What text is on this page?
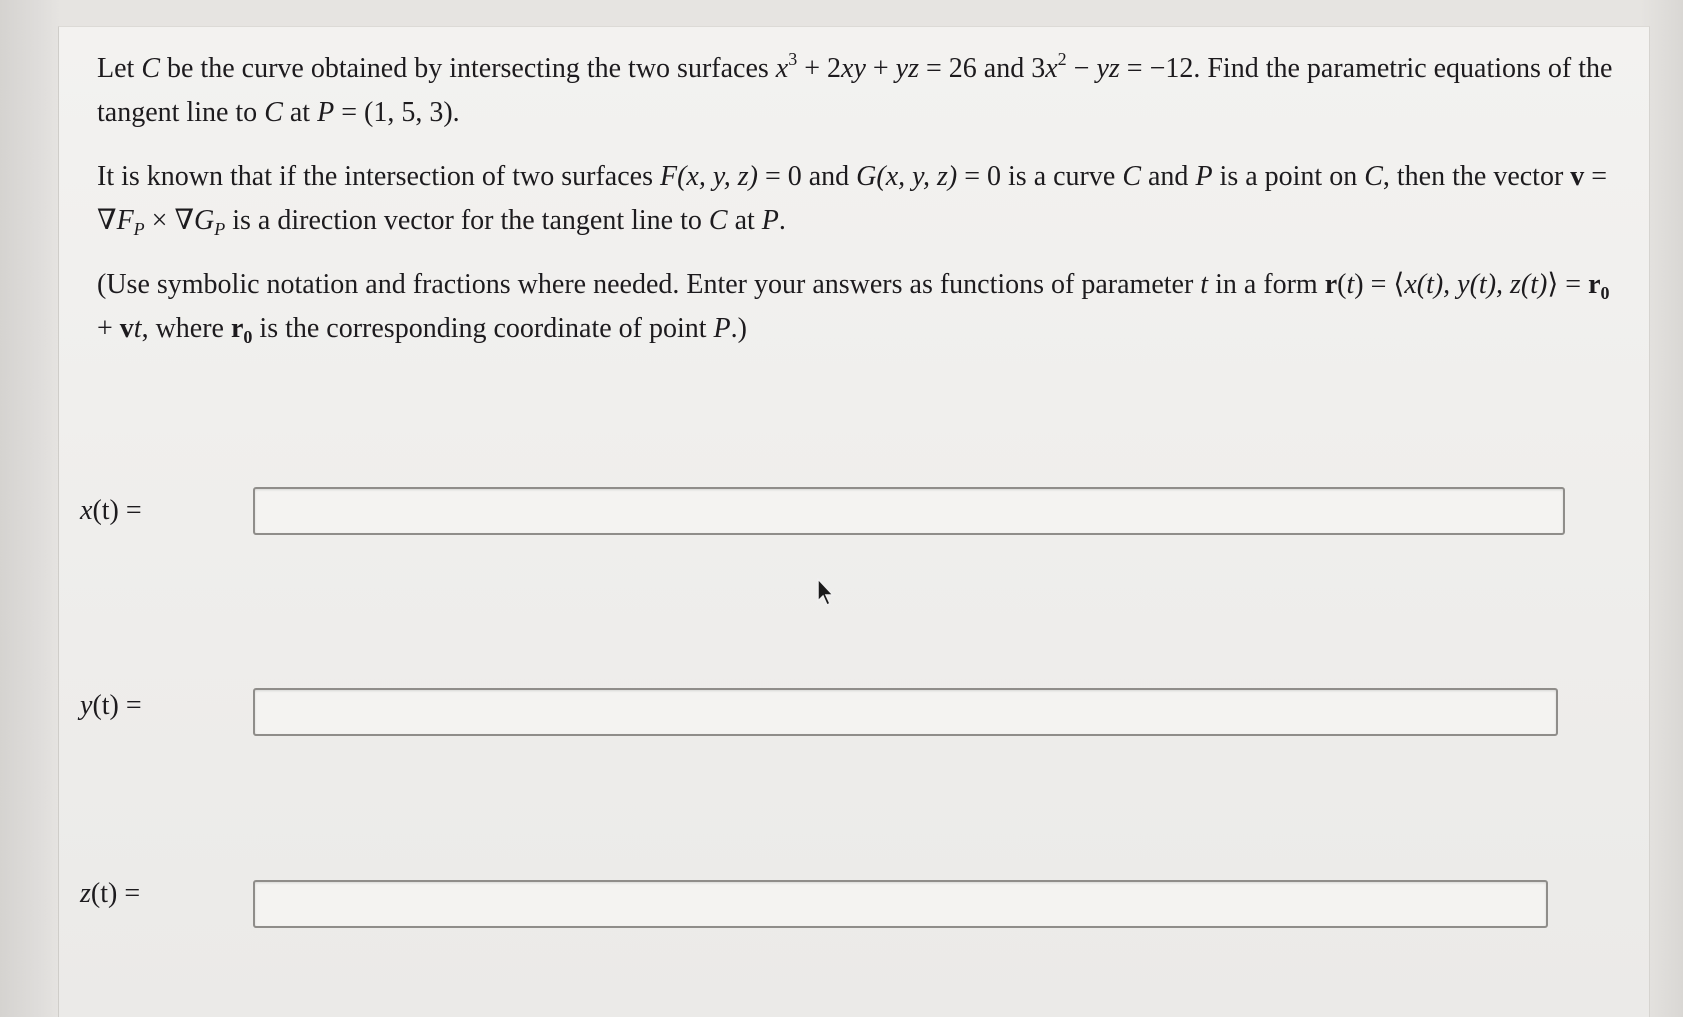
Let C be the curve obtained by intersecting the two surfaces $x^3 + 2xy$ + yz = 26 and $3x^2$ − yz = −12. Find the parametric equations of the tangent line to C at P = (1, 5, 3).

It is known that if the intersection of two surfaces F(x, y, z) = 0 and G(x, y, z) = 0 is a curve C and P is a point on C, then the vector $v = \nabla F_P \times \nabla G_P$ is a direction vector for the tangent line to C at P.

(Use symbolic notation and fractions where needed. Enter your answers as functions of parameter t in a form r(t) = ⟨x(t), y(t), z(t)⟩ = $r_0$ + vt, where $r_0$ is the corresponding coordinate of point P.)

x(t) =
y(t) =
z(t) =
